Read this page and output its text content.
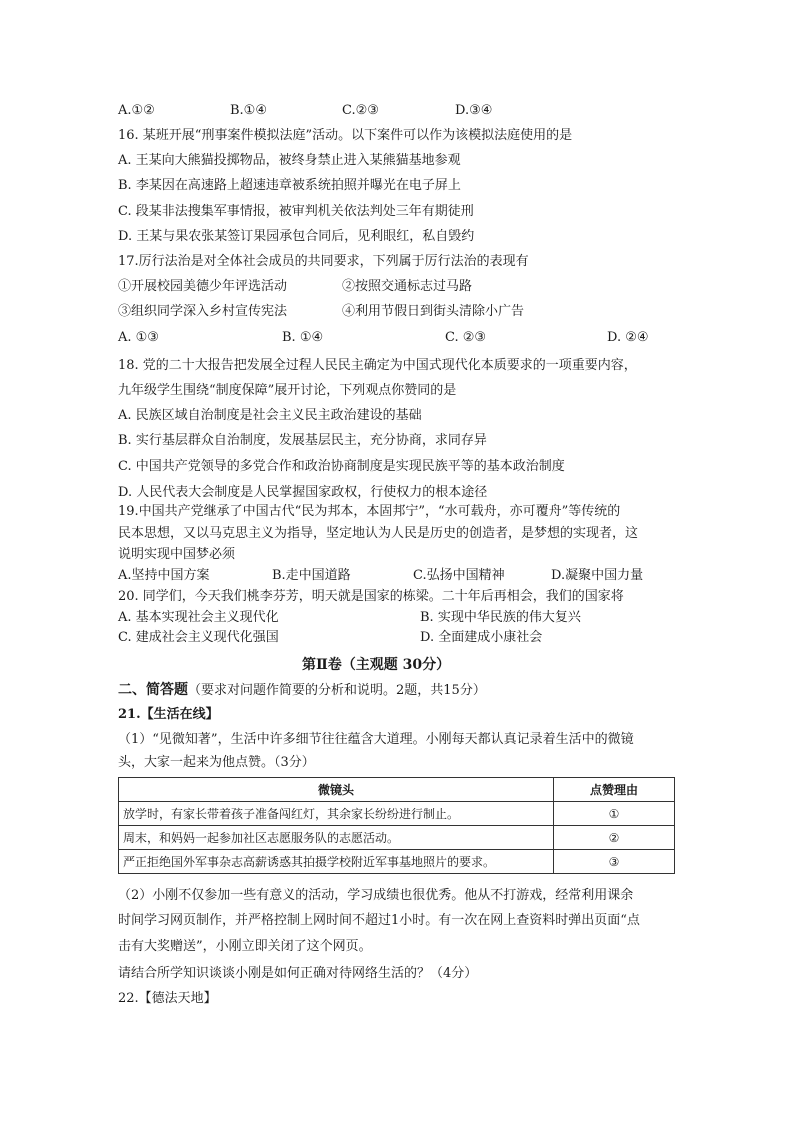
A.①②	B.①④	C.②③	D.③④
16. 某班开展“刑事案件模拟法庭”活动。以下案件可以作为该模拟法庭使用的是
A. 王某向大熊猫投掷物品，被终身禁止进入某熊猫基地参观
B. 李某因在高速路上超速违章被系统拍照并曝光在电子屏上
C. 段某非法搜集军事情报，被审判机关依法判处三年有期徒刑
D. 王某与果农张某签订果园承包合同后，见利眼红，私自毁约
17.厉行法治是对全体社会成员的共同要求，下列属于厉行法治的表现有
①开展校园美德少年评选活动	②按照交通标志过马路
③组织同学深入乡村宣传宪法	④利用节假日到街头清除小广告
A. ①③	B. ①④	C. ②③	D. ②④
18. 党的二十大报告把发展全过程人民民主确定为中国式现代化本质要求的一项重要内容，
九年级学生围绕“制度保障”展开讨论，下列观点你赞同的是
A. 民族区域自治制度是社会主义民主政治建设的基础
B. 实行基层群众自治制度，发展基层民主，充分协商，求同存异
C. 中国共产党领导的多党合作和政治协商制度是实现民族平等的基本政治制度
D. 人民代表大会制度是人民掌握国家政权，行使权力的根本途径
19.中国共产党继承了中国古代“民为邦本，本固邦宁”，“水可载舟，亦可覆舟”等传统的
民本思想，又以马克思主义为指导，坚定地认为人民是历史的创造者，是梦想的实现者，这
说明实现中国梦必须
A.坚持中国方案	B.走中国道路	C.弘扬中国精神	D.凝聚中国力量
20. 同学们，今天我们桃李芬芳，明天就是国家的栋梁。二十年后再相会，我们的国家将
A. 基本实现社会主义现代化	B. 实现中华民族的伟大复兴
C. 建成社会主义现代化强国	D. 全面建成小康社会
第Ⅱ卷（主观题 30分）
二、简答题（要求对问题作简要的分析和说明。2题，共15分）
21.【生活在线】
（1）“见微知著”，生活中许多细节往往蕴含大道理。小刚每天都认真记录着生活中的微镜
头，大家一起来为他点赞。（3分）
微镜头	点赞理由
放学时，有家长带着孩子准备闯红灯，其余家长纷纷进行制止。	①
周末，和妈妈一起参加社区志愿服务队的志愿活动。	②
严正拒绝国外军事杂志高薪诱惑其拍摄学校附近军事基地照片的要求。	③
（2）小刚不仅参加一些有意义的活动，学习成绩也很优秀。他从不打游戏，经常利用课余
时间学习网页制作，并严格控制上网时间不超过1小时。有一次在网上查资料时弹出页面“点
击有大奖赠送”，小刚立即关闭了这个网页。
请结合所学知识谈谈小刚是如何正确对待网络生活的？（4分）
22.【德法天地】
